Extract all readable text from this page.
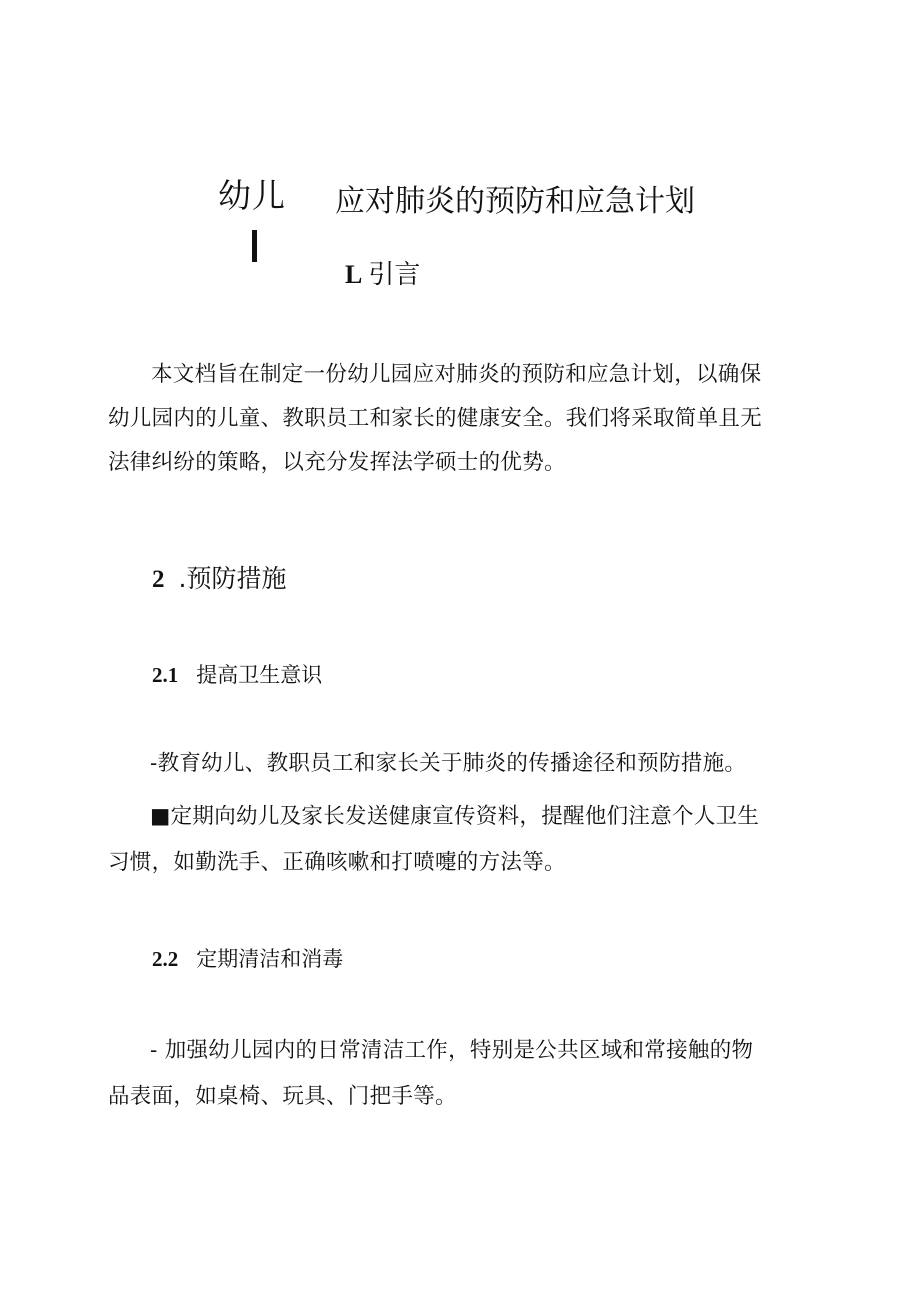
幼儿 应对肺炎的预防和应急计划
L 引言
本文档旨在制定一份幼儿园应对肺炎的预防和应急计划，以确保
幼儿园内的儿童、教职员工和家长的健康安全。我们将采取简单且无
法律纠纷的策略，以充分发挥法学硕士的优势。
2 .预防措施
2.1 提高卫生意识
-教育幼儿、教职员工和家长关于肺炎的传播途径和预防措施。
■定期向幼儿及家长发送健康宣传资料，提醒他们注意个人卫生
习惯，如勤洗手、正确咳嗽和打喷嚏的方法等。
2.2 定期清洁和消毒
- 加强幼儿园内的日常清洁工作，特别是公共区域和常接触的物
品表面，如桌椅、玩具、门把手等。
